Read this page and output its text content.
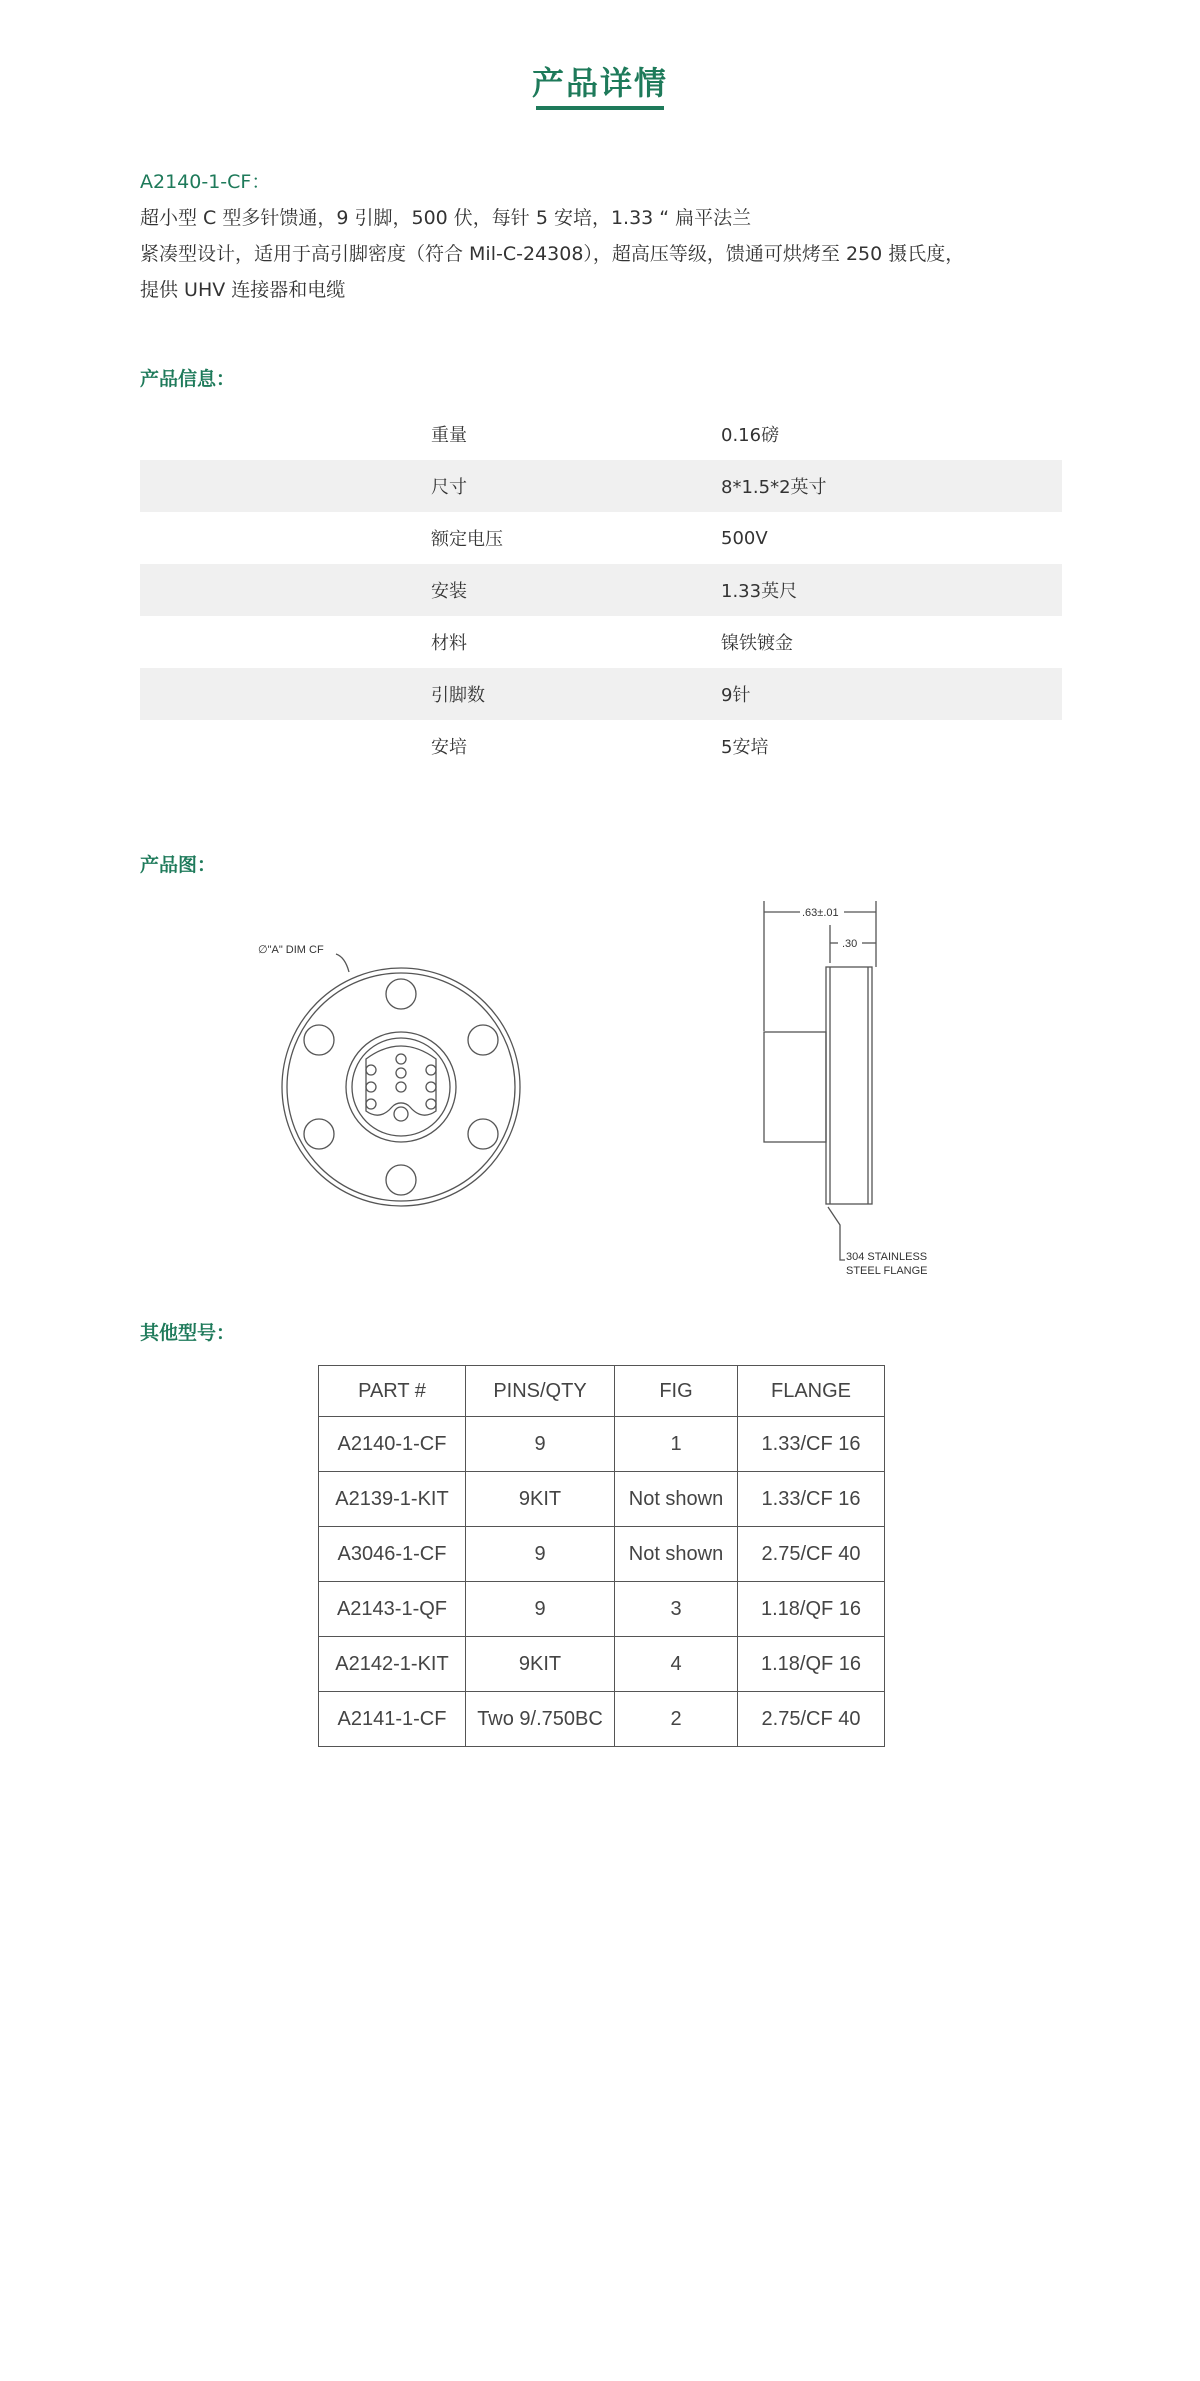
产品详情
A2140-1-CF：
超小型 C 型多针馈通，9 引脚，500 伏，每针 5 安培，1.33 “ 扁平法兰
紧凑型设计，适用于高引脚密度（符合 Mil-C-24308），超高压等级，馈通可烘烤至 250 摄氏度，
提供 UHV 连接器和电缆
产品信息：
重量	0.16磅
尺寸	8*1.5*2英寸
额定电压	500V
安装	1.33英尺
材料	镍铁镀金
引脚数	9针
安培	5安培
产品图：
∅"A" DIM CF
.63±.01
.30
304 STAINLESS
STEEL FLANGE
其他型号：
PART #	PINS/QTY	FIG	FLANGE
A2140-1-CF	9	1	1.33/CF 16
A2139-1-KIT	9KIT	Not shown	1.33/CF 16
A3046-1-CF	9	Not shown	2.75/CF 40
A2143-1-QF	9	3	1.18/QF 16
A2142-1-KIT	9KIT	4	1.18/QF 16
A2141-1-CF	Two 9/.750BC	2	2.75/CF 40
